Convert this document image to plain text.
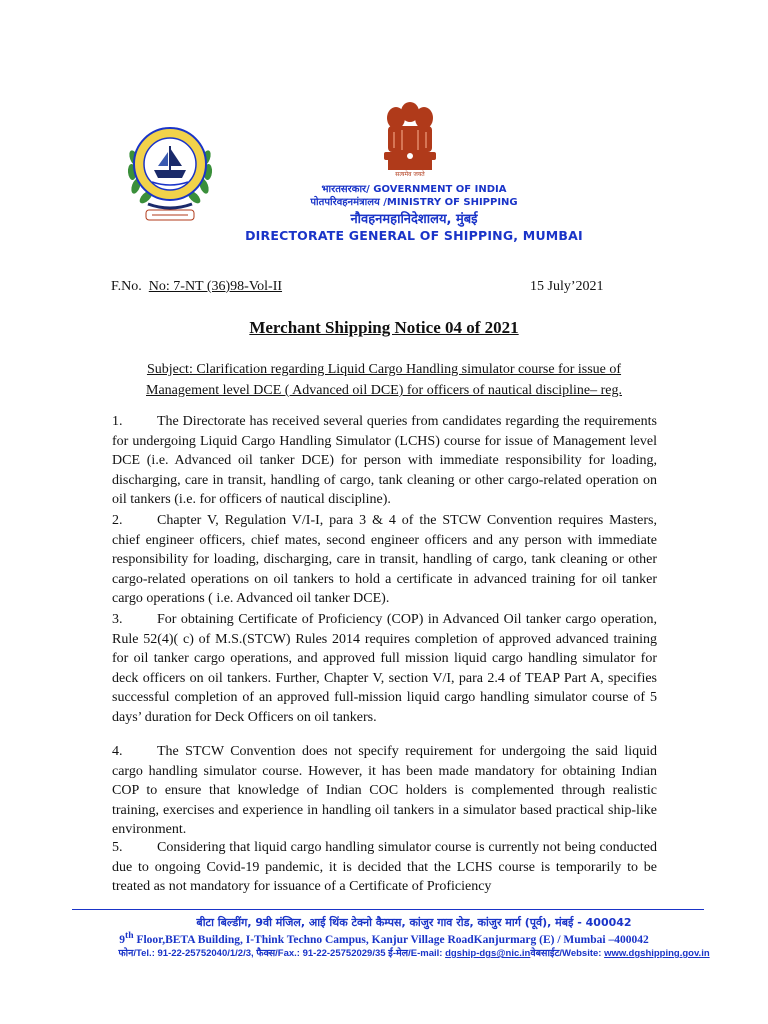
सत्यमेव जयते
भारतसरकार/ GOVERNMENT OF INDIA
पोतपरिवहनमंत्रालय /MINISTRY OF SHIPPING
नौवहनमहानिदेशालय, मुंबई
DIRECTORATE GENERAL OF SHIPPING, MUMBAI
F.No. No: 7-NT (36)98-Vol-II	15 July’2021
Merchant Shipping Notice 04 of 2021
Subject: Clarification regarding Liquid Cargo Handling simulator course for issue of Management level DCE ( Advanced oil DCE) for officers of nautical discipline– reg.

1. The Directorate has received several queries from candidates regarding the requirements for undergoing Liquid Cargo Handling Simulator (LCHS) course for issue of Management level DCE (i.e. Advanced oil tanker DCE) for person with immediate responsibility for loading, discharging, care in transit, handling of cargo, tank cleaning or other cargo-related operation on oil tankers (i.e. for officers of nautical discipline).

2. Chapter V, Regulation V/I-I, para 3 & 4 of the STCW Convention requires Masters, chief engineer officers, chief mates, second engineer officers and any person with immediate responsibility for loading, discharging, care in transit, handling of cargo, tank cleaning or other cargo-related operations on oil tankers to hold a certificate in advanced training for oil tanker cargo operations ( i.e. Advanced oil tanker DCE).

3. For obtaining Certificate of Proficiency (COP) in Advanced Oil tanker cargo operation, Rule 52(4)( c) of M.S.(STCW) Rules 2014 requires completion of approved advanced training for oil tanker cargo operations, and approved full mission liquid cargo handling simulator for deck officers on oil tankers. Further, Chapter V, section V/I, para 2.4 of TEAP Part A, specifies successful completion of an approved full-mission liquid cargo handling simulator course of 5 days’ duration for Deck Officers on oil tankers.

4. The STCW Convention does not specify requirement for undergoing the said liquid cargo handling simulator course. However, it has been made mandatory for obtaining Indian COP to ensure that knowledge of Indian COC holders is complemented through realistic training, exercises and experience in handling oil tankers in a simulator based practical ship-like environment.

5. Considering that liquid cargo handling simulator course is currently not being conducted due to ongoing Covid-19 pandemic, it is decided that the LCHS course is temporarily to be treated as not mandatory for issuance of a Certificate of Proficiency

बीटा बिल्डींग, 9वी मंजिल, आई थिंक टेक्नो कैम्पस, कांजुर गाव रोड, कांजुर मार्ग (पूर्व), मंबई - 400042
9th Floor,BETA Building, I-Think Techno Campus, Kanjur Village RoadKanjurmarg (E) / Mumbai –400042
फोन/Tel.: 91-22-25752040/1/2/3, फैक्स/Fax.: 91-22-25752029/35 ई-मेल/E-mail: dgship-dgs@nic.inवेबसाईट/Website: www.dgshipping.gov.in
